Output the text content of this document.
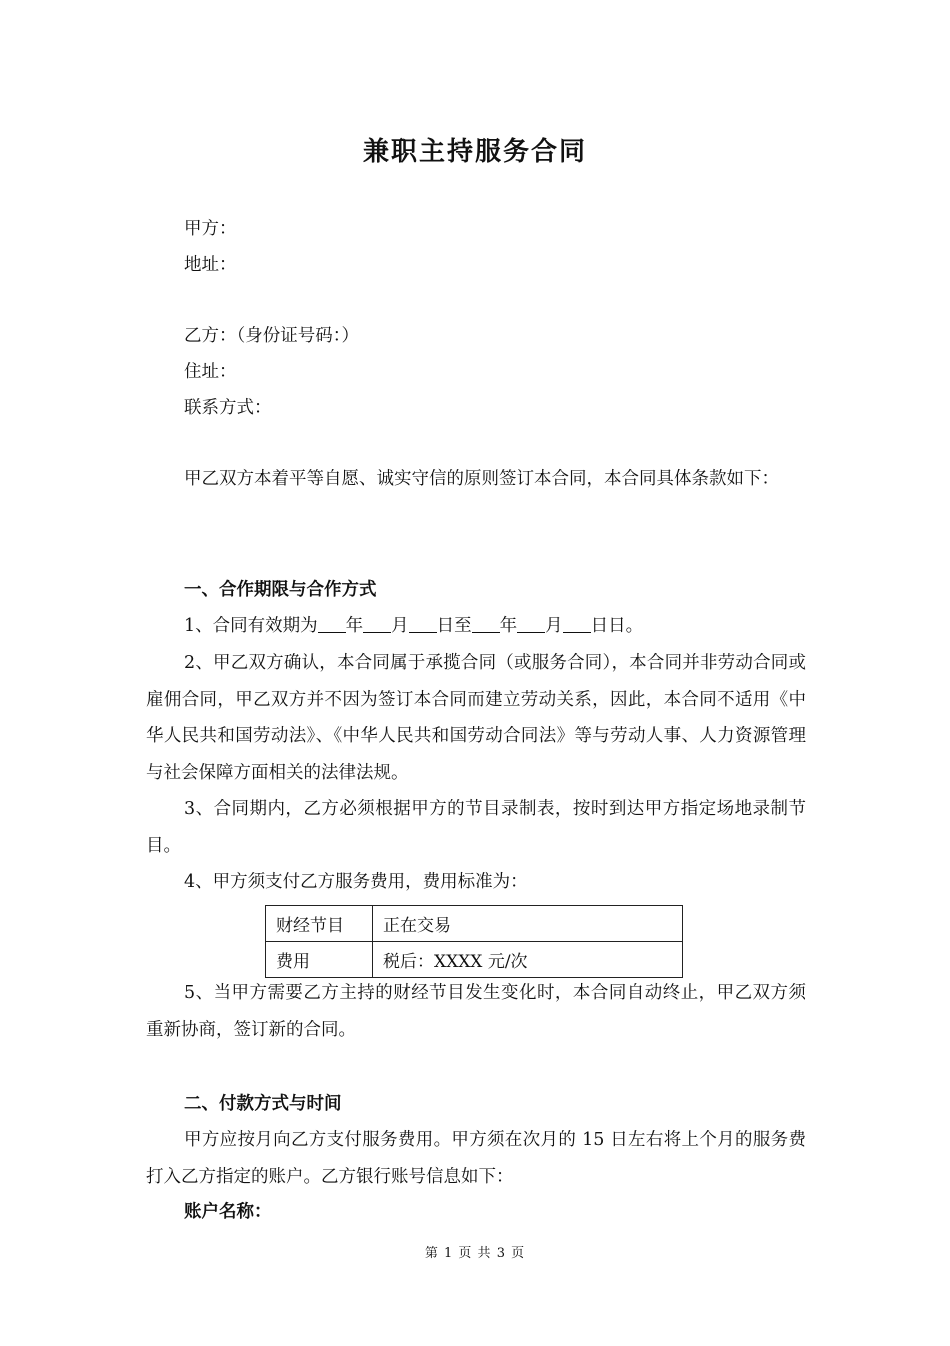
兼职主持服务合同
甲方：
地址：
乙方：（身份证号码：）
住址：
联系方式：
甲乙双方本着平等自愿、诚实守信的原则签订本合同，本合同具体条款如下：
一、合作期限与合作方式
1、合同有效期为 年 月 日至 年 月 日日。
2、甲乙双方确认，本合同属于承揽合同（或服务合同），本合同并非劳动合同或雇佣合同，甲乙双方并不因为签订本合同而建立劳动关系，因此，本合同不适用《中华人民共和国劳动法》、《中华人民共和国劳动合同法》等与劳动人事、人力资源管理与社会保障方面相关的法律法规。
3、合同期内，乙方必须根据甲方的节目录制表，按时到达甲方指定场地录制节目。
4、甲方须支付乙方服务费用，费用标准为：
财经节目	正在交易
费用	税后：XXXX 元/次
5、当甲方需要乙方主持的财经节目发生变化时，本合同自动终止，甲乙双方须重新协商，签订新的合同。
二、付款方式与时间
甲方应按月向乙方支付服务费用。甲方须在次月的 15 日左右将上个月的服务费打入乙方指定的账户。乙方银行账号信息如下：
账户名称：
第 1 页 共 3 页
